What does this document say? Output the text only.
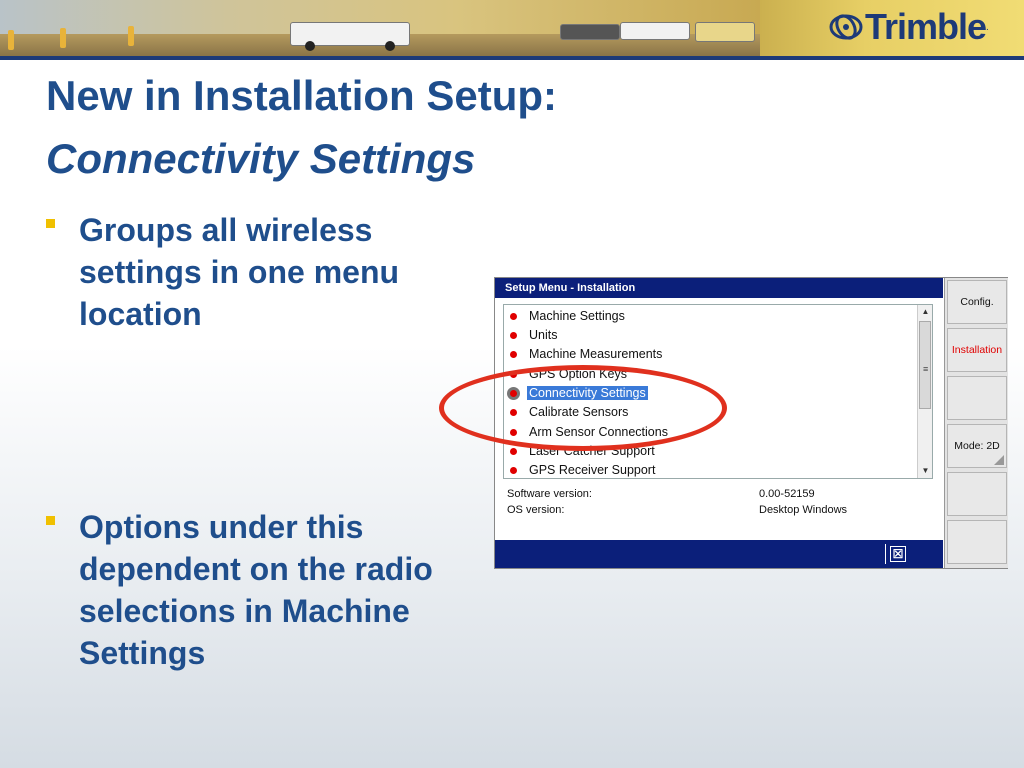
Trimble .
New in Installation Setup:
Connectivity Settings
Groups all wireless settings in one menu location
Options under this dependent on the radio selections in Machine Settings
Setup Menu - Installation
Machine Settings
Units
Machine Measurements
GPS Option Keys
Connectivity Settings
Calibrate Sensors
Arm Sensor Connections
Laser Catcher Support
GPS Receiver Support
▲
≡
▼
Software version:	0.00-52159
OS version:	Desktop Windows
☒
Config.
Installation
Mode: 2D
